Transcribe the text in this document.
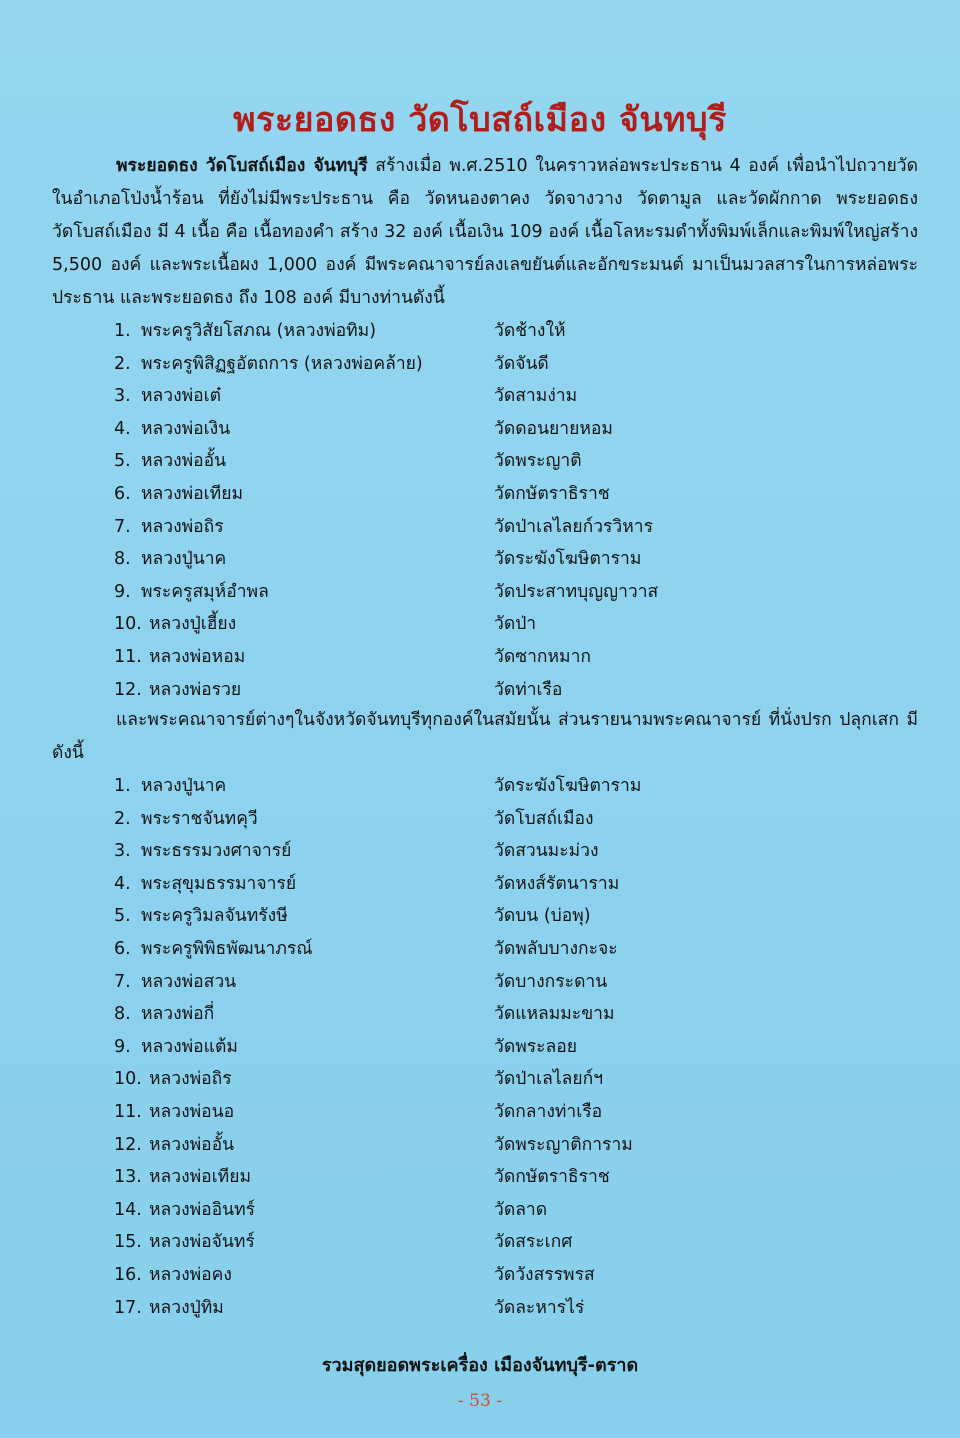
พระยอดธง วัดโบสถ์เมือง จันทบุรี
พระยอดธง วัดโบสถ์เมือง จันทบุรี สร้างเมื่อ พ.ศ.2510 ในคราวหล่อพระประธาน 4 องค์ เพื่อนำไปถวายวัดในอำเภอโป่งน้ำร้อน ที่ยังไม่มีพระประธาน คือ วัดหนองตาคง วัดจางวาง วัดตามูล และวัดผักกาด พระยอดธง วัดโบสถ์เมือง มี 4 เนื้อ คือ เนื้อทองคำ สร้าง 32 องค์ เนื้อเงิน 109 องค์ เนื้อโลหะรมดำทั้งพิมพ์เล็กและพิมพ์ใหญ่สร้าง 5,500 องค์ และพระเนื้อผง 1,000 องค์ มีพระคณาจารย์ลงเลขยันต์และอักขระมนต์ มาเป็นมวลสารในการหล่อพระประธาน และพระยอดธง ถึง 108 องค์ มีบางท่านดังนี้
1. พระครูวิสัยโสภณ (หลวงพ่อทิม)	วัดช้างให้
2. พระครูพิสิฏฐอัตถการ (หลวงพ่อคล้าย)	วัดจันดี
3. หลวงพ่อเต๋	วัดสามง่าม
4. หลวงพ่อเงิน	วัดดอนยายหอม
5. หลวงพ่ออั้น	วัดพระญาติ
6. หลวงพ่อเทียม	วัดกษัตราธิราช
7. หลวงพ่อถิร	วัดป่าเลไลยก์วรวิหาร
8. หลวงปู่นาค	วัดระฆังโฆษิตาราม
9. พระครูสมุห์อำพล	วัดประสาทบุญญาวาส
10. หลวงปู่เฮี้ยง	วัดป่า
11. หลวงพ่อหอม	วัดซากหมาก
12. หลวงพ่อรวย	วัดท่าเรือ
และพระคณาจารย์ต่างๆในจังหวัดจันทบุรีทุกองค์ในสมัยนั้น ส่วนรายนามพระคณาจารย์ ที่นั่งปรก ปลุกเสก มีดังนี้
1. หลวงปู่นาค	วัดระฆังโฆษิตาราม
2. พระราชจันทคุวี	วัดโบสถ์เมือง
3. พระธรรมวงศาจารย์	วัดสวนมะม่วง
4. พระสุขุมธรรมาจารย์	วัดหงส์รัตนาราม
5. พระครูวิมลจันทรังษี	วัดบน (บ่อพุ)
6. พระครูพิพิธพัฒนาภรณ์	วัดพลับบางกะจะ
7. หลวงพ่อสวน	วัดบางกระดาน
8. หลวงพ่อกี่	วัดแหลมมะขาม
9. หลวงพ่อแต้ม	วัดพระลอย
10. หลวงพ่อถิร	วัดป่าเลไลยก์ฯ
11. หลวงพ่อนอ	วัดกลางท่าเรือ
12. หลวงพ่ออั้น	วัดพระญาติการาม
13. หลวงพ่อเทียม	วัดกษัตราธิราช
14. หลวงพ่ออินทร์	วัดลาด
15. หลวงพ่อจันทร์	วัดสระเกศ
16. หลวงพ่อคง	วัดวังสรรพรส
17. หลวงปู่ทิม	วัดละหารไร่
รวมสุดยอดพระเครื่อง เมืองจันทบุรี-ตราด
- 53 -
